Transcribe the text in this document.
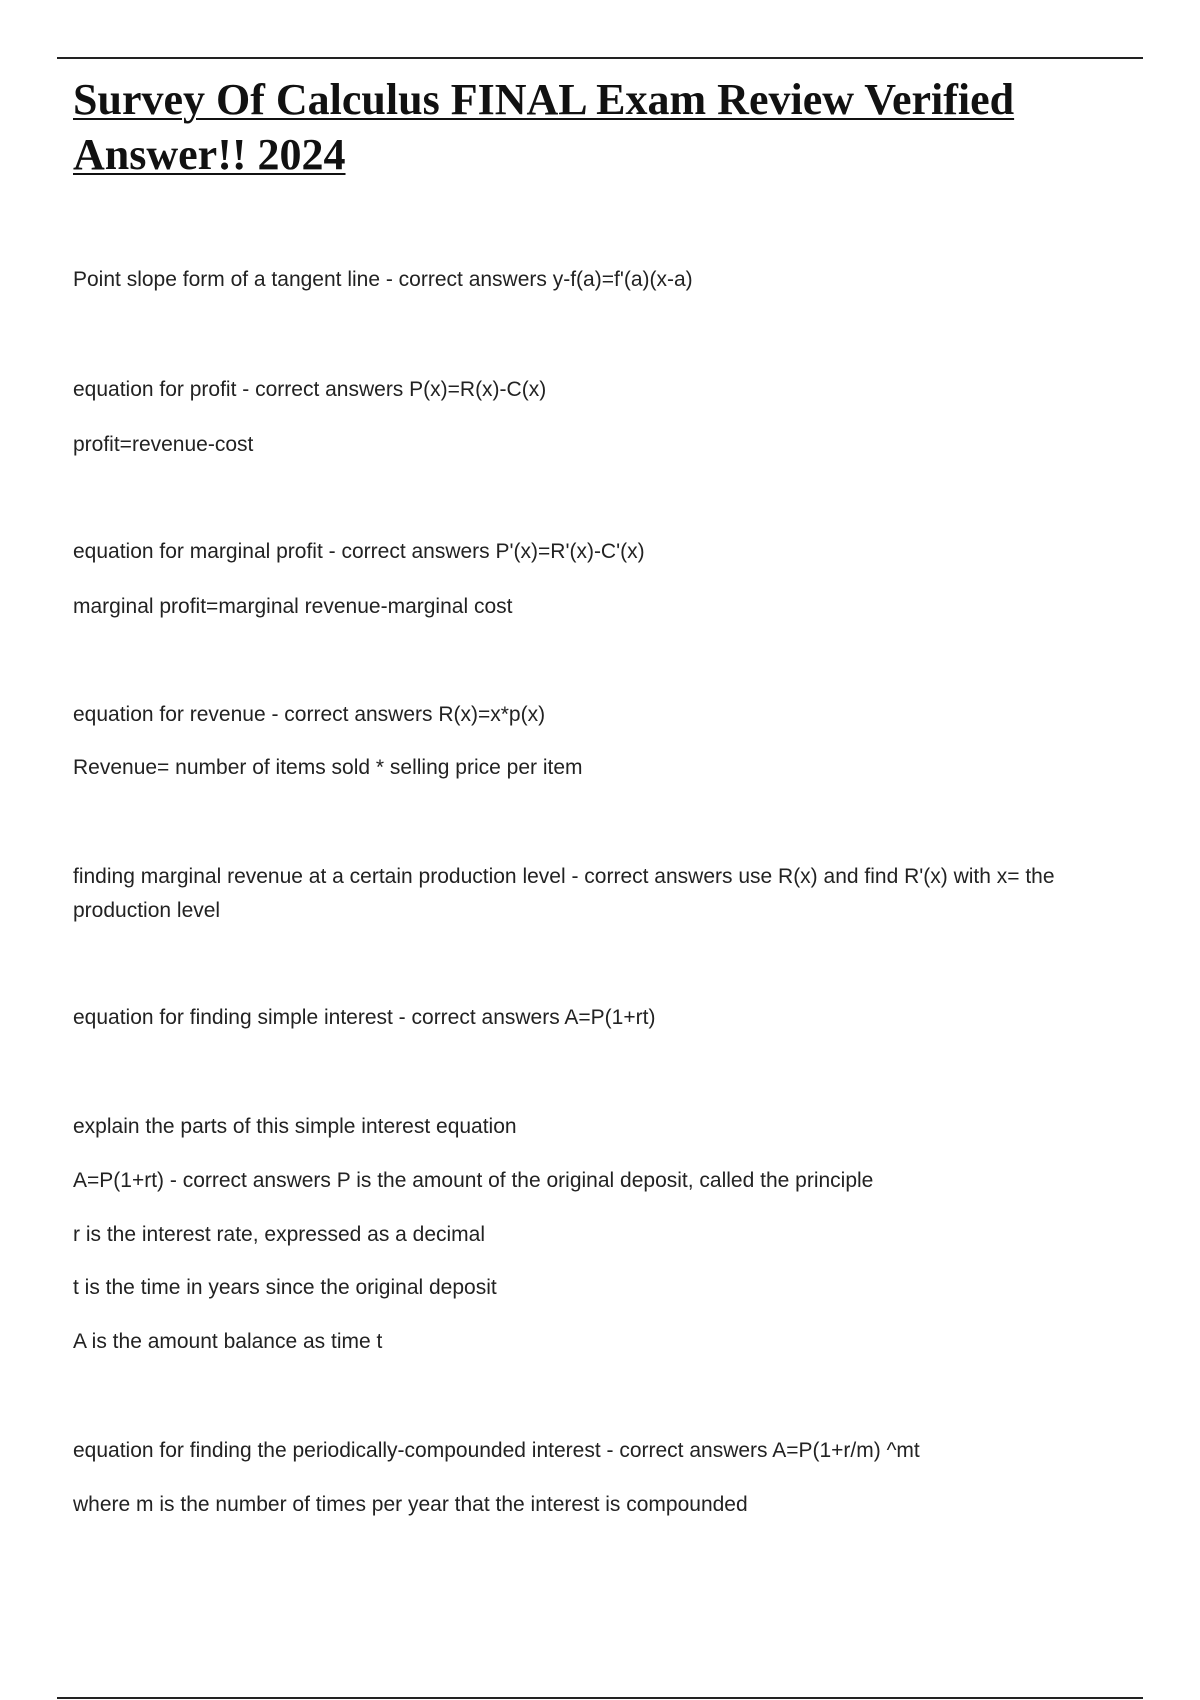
Survey Of Calculus FINAL Exam Review Verified Answer!! 2024
Point slope form of a tangent line - correct answers y-f(a)=f'(a)(x-a)
equation for profit - correct answers P(x)=R(x)-C(x)
profit=revenue-cost
equation for marginal profit - correct answers P'(x)=R'(x)-C'(x)
marginal profit=marginal revenue-marginal cost
equation for revenue - correct answers R(x)=x*p(x)
Revenue= number of items sold * selling price per item
finding marginal revenue at a certain production level - correct answers use R(x) and find R'(x) with x= the production level
equation for finding simple interest - correct answers A=P(1+rt)
explain the parts of this simple interest equation
A=P(1+rt) - correct answers P is the amount of the original deposit, called the principle
r is the interest rate, expressed as a decimal
t is the time in years since the original deposit
A is the amount balance as time t
equation for finding the periodically-compounded interest - correct answers A=P(1+r/m) ^mt
where m is the number of times per year that the interest is compounded
